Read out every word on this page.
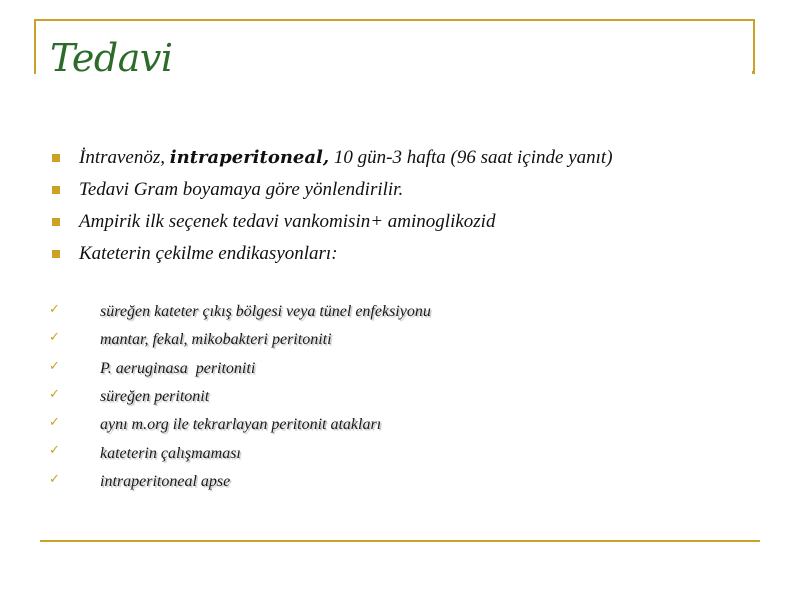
Tedavi
İntravenöz, intraperitoneal, 10 gün-3 hafta (96 saat içinde yanıt)
Tedavi Gram boyamaya göre yönlendirilir.
Ampirik ilk seçenek tedavi vankomisin+ aminoglikozid
Kateterin çekilme endikasyonları:
✓	süreğen kateter çıkış bölgesi veya tünel enfeksiyonu
✓	mantar, fekal, mikobakteri peritoniti
✓	P. aeruginasa  peritoniti
✓	süreğen peritonit
✓	aynı m.org ile tekrarlayan peritonit atakları
✓	kateterin çalışmaması
✓	intraperitoneal apse
